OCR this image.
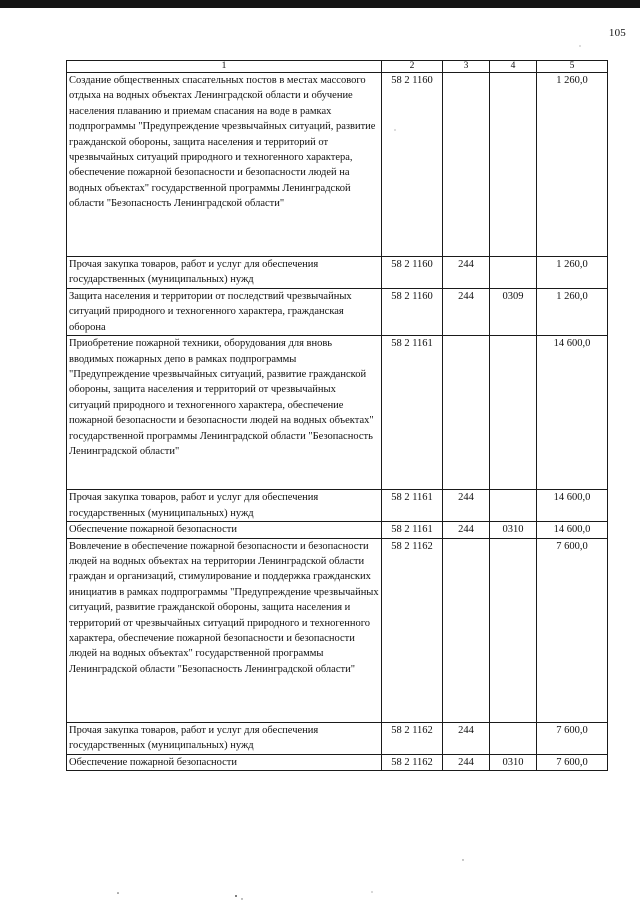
105
1	2	3	4	5
Создание общественных спасательных постов в местах массового отдыха на водных объектах Ленинградской области и обучение населения плаванию и приемам спасания на воде в рамках подпрограммы "Предупреждение чрезвычайных ситуаций, развитие гражданской обороны, защита населения и территорий от чрезвычайных ситуаций природного и техногенного характера, обеспечение пожарной безопасности и безопасности людей на водных объектах" государственной программы Ленинградской области "Безопасность Ленинградской области"	58 2 1160			1 260,0
Прочая закупка товаров, работ и услуг для обеспечения государственных (муниципальных) нужд	58 2 1160	244		1 260,0
Защита населения и территории от последствий чрезвычайных ситуаций природного и техногенного характера, гражданская оборона	58 2 1160	244	0309	1 260,0
Приобретение пожарной техники, оборудования для вновь вводимых пожарных депо в рамках подпрограммы "Предупреждение чрезвычайных ситуаций, развитие гражданской обороны, защита населения и территорий от чрезвычайных ситуаций природного и техногенного характера, обеспечение пожарной безопасности и безопасности людей на водных объектах" государственной программы Ленинградской области "Безопасность Ленинградской области"	58 2 1161			14 600,0
Прочая закупка товаров, работ и услуг для обеспечения государственных (муниципальных) нужд	58 2 1161	244		14 600,0
Обеспечение пожарной безопасности	58 2 1161	244	0310	14 600,0
Вовлечение в обеспечение пожарной безопасности и безопасности людей на водных объектах на территории Ленинградской области граждан и организаций, стимулирование и поддержка гражданских инициатив в рамках подпрограммы "Предупреждение чрезвычайных ситуаций, развитие гражданской обороны, защита населения и территорий от чрезвычайных ситуаций природного и техногенного характера, обеспечение пожарной безопасности и безопасности людей на водных объектах" государственной программы Ленинградской области "Безопасность Ленинградской области"	58 2 1162			7 600,0
Прочая закупка товаров, работ и услуг для обеспечения государственных (муниципальных) нужд	58 2 1162	244		7 600,0
Обеспечение пожарной безопасности	58 2 1162	244	0310	7 600,0
